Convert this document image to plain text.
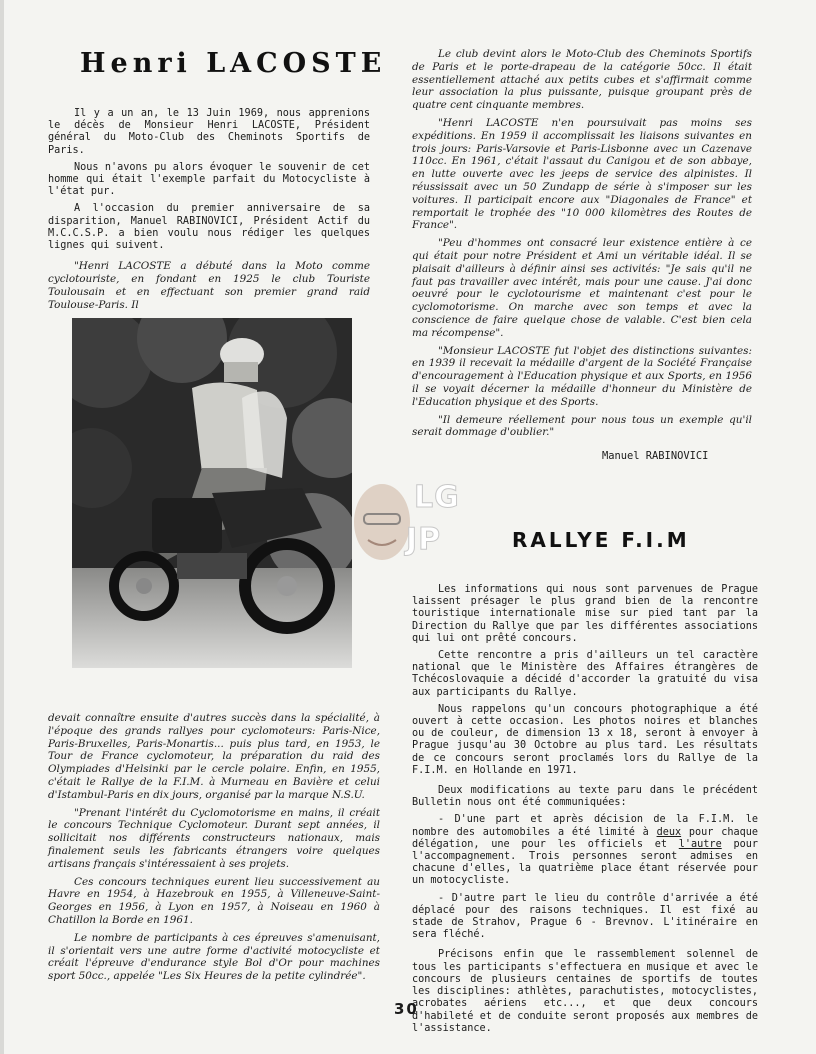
Henri LACOSTE

Il y a un an, le 13 Juin 1969, nous apprenions le décès de Monsieur Henri LACOSTE, Président général du Moto-Club des Cheminots Sportifs de Paris.

Nous n'avons pu alors évoquer le souvenir de cet homme qui était l'exemple parfait du Motocycliste à l'état pur.

A l'occasion du premier anniversaire de sa disparition, Manuel RABINOVICI, Président Actif du M.C.C.S.P. a bien voulu nous rédiger les quelques lignes qui suivent.

"Henri LACOSTE a débuté dans la Moto comme cyclotouriste, en fondant en 1925 le club Touriste Toulousain et en effectuant son premier grand raid Toulouse-Paris. Il

LG
JP

devait connaître ensuite d'autres succès dans la spécialité, à l'époque des grands rallyes pour cyclomoteurs: Paris-Nice, Paris-Bruxelles, Paris-Monartis... puis plus tard, en 1953, le Tour de France cyclomoteur, la préparation du raid des Olympiades d'Helsinki par le cercle polaire. Enfin, en 1955, c'était le Rallye de la F.I.M. à Murneau en Bavière et celui d'Istambul-Paris en dix jours, organisé par la marque N.S.U.

"Prenant l'intérêt du Cyclomotorisme en mains, il créait le concours Technique Cyclomoteur. Durant sept années, il sollicitait nos différents constructeurs nationaux, mais finalement seuls les fabricants étrangers voire quelques artisans français s'intéressaient à ses projets.

Ces concours techniques eurent lieu successivement au Havre en 1954, à Hazebrouk en 1955, à Villeneuve-Saint-Georges en 1956, à Lyon en 1957, à Noiseau en 1960 à Chatillon la Borde en 1961.

Le nombre de participants à ces épreuves s'amenuisant, il s'orientait vers une autre forme d'activité motocycliste et créait l'épreuve d'endurance style Bol d'Or pour machines sport 50cc., appelée "Les Six Heures de la petite cylindrée".

Le club devint alors le Moto-Club des Cheminots Sportifs de Paris et le porte-drapeau de la catégorie 50cc. Il était essentiellement attaché aux petits cubes et s'affirmait comme leur association la plus puissante, puisque groupant près de quatre cent cinquante membres.

"Henri LACOSTE n'en poursuivait pas moins ses expéditions. En 1959 il accomplissait les liaisons suivantes en trois jours: Paris-Varsovie et Paris-Lisbonne avec un Cazenave 110cc. En 1961, c'était l'assaut du Canigou et de son abbaye, en lutte ouverte avec les jeeps de service des alpinistes. Il réussissait avec un 50 Zundapp de série à s'imposer sur les voitures. Il participait encore aux "Diagonales de France" et remportait le trophée des "10 000 kilomètres des Routes de France".

"Peu d'hommes ont consacré leur existence entière à ce qui était pour notre Président et Ami un véritable idéal. Il se plaisait d'ailleurs à définir ainsi ses activités: "Je sais qu'il ne faut pas travailler avec intérêt, mais pour une cause. J'ai donc oeuvré pour le cyclotourisme et maintenant c'est pour le cyclomotorisme. On marche avec son temps et avec la conscience de faire quelque chose de valable. C'est bien cela ma récompense".

"Monsieur LACOSTE fut l'objet des distinctions suivantes: en 1939 il recevait la médaille d'argent de la Société Française d'encouragement à l'Education physique et aux Sports, en 1956 il se voyait décerner la médaille d'honneur du Ministère de l'Education physique et des Sports.

"Il demeure réellement pour nous tous un exemple qu'il serait dommage d'oublier."

Manuel RABINOVICI
RALLYE F.I.M

Les informations qui nous sont parvenues de Prague laissent présager le plus grand bien de la rencontre touristique internationale mise sur pied tant par la Direction du Rallye que par les différentes associations qui lui ont prêté concours.

Cette rencontre a pris d'ailleurs un tel caractère national que le Ministère des Affaires étrangères de Tchécoslovaquie a décidé d'accorder la gratuité du visa aux participants du Rallye.

Nous rappelons qu'un concours photographique a été ouvert à cette occasion. Les photos noires et blanches ou de couleur, de dimension 13 x 18, seront à envoyer à Prague jusqu'au 30 Octobre au plus tard. Les résultats de ce concours seront proclamés lors du Rallye de la F.I.M. en Hollande en 1971.

Deux modifications au texte paru dans le précédent Bulletin nous ont été communiquées:

- D'une part et après décision de la F.I.M. le nombre des automobiles a été limité à deux pour chaque délégation, une pour les officiels et l'autre pour l'accompagnement. Trois personnes seront admises en chacune d'elles, la quatrième place étant réservée pour un motocycliste.

- D'autre part le lieu du contrôle d'arrivée a été déplacé pour des raisons techniques. Il est fixé au stade de Strahov, Prague 6 - Brevnov. L'itinéraire en sera fléché.

Précisons enfin que le rassemblement solennel de tous les participants s'effectuera en musique et avec le concours de plusieurs centaines de sportifs de toutes les disciplines: athlètes, parachutistes, motocyclistes, acrobates aériens etc..., et que deux concours d'habileté et de conduite seront proposés aux membres de l'assistance.

30
